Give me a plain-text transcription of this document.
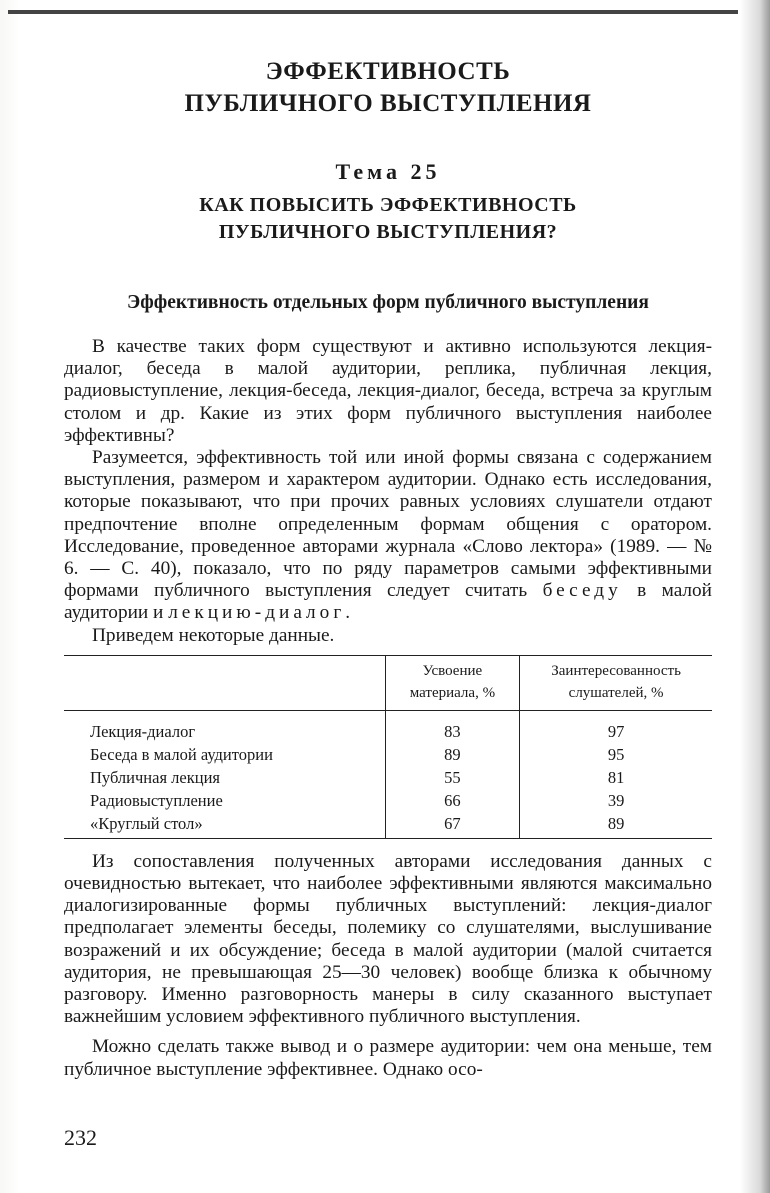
ЭФФЕКТИВНОСТЬ
ПУБЛИЧНОГО ВЫСТУПЛЕНИЯ
Тема 25
КАК ПОВЫСИТЬ ЭФФЕКТИВНОСТЬ
ПУБЛИЧНОГО ВЫСТУПЛЕНИЯ?
Эффективность отдельных форм публичного выступления

В качестве таких форм существуют и активно используются лекция-диалог, беседа в малой аудитории, реплика, публичная лекция, радиовыступление, лекция-беседа, лекция-диалог, беседа, встреча за круглым столом и др. Какие из этих форм публичного выступления наиболее эффективны?

Разумеется, эффективность той или иной формы связана с содержанием выступления, размером и характером аудитории. Однако есть исследования, которые показывают, что при прочих равных условиях слушатели отдают предпочтение вполне определенным формам общения с оратором. Исследование, проведенное авторами журнала «Слово лектора» (1989. — № 6. — С. 40), показало, что по ряду параметров самыми эффективными формами публичного выступления следует считать беседу в малой аудитории и лекцию-диалог.

Приведем некоторые данные.

	Усвоение материала, %	Заинтересованность слушателей, %
Лекция-диалог	83	97
Беседа в малой аудитории	89	95
Публичная лекция	55	81
Радиовыступление	66	39
«Круглый стол»	67	89

Из сопоставления полученных авторами исследования данных с очевидностью вытекает, что наиболее эффективными являются максимально диалогизированные формы публичных выступлений: лекция-диалог предполагает элементы беседы, полемику со слушателями, выслушивание возражений и их обсуждение; беседа в малой аудитории (малой считается аудитория, не превышающая 25—30 человек) вообще близка к обычному разговору. Именно разговорность манеры в силу сказанного выступает важнейшим условием эффективного публичного выступления.

Можно сделать также вывод и о размере аудитории: чем она меньше, тем публичное выступление эффективнее. Однако осо-

232
